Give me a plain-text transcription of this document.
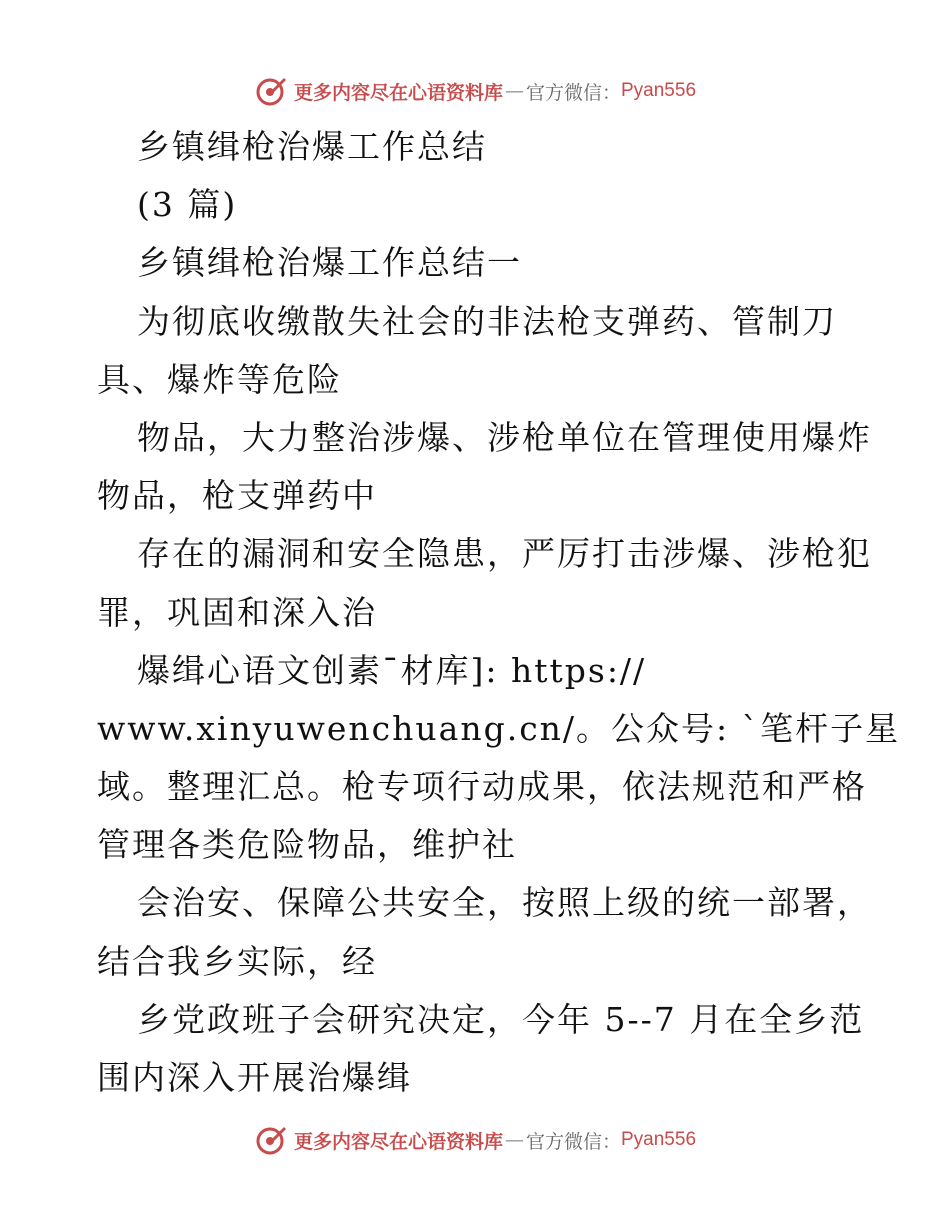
更多内容尽在心语资料库 — 官方微信： Pyan556
乡镇缉枪治爆工作总结
(3 篇)
乡镇缉枪治爆工作总结一
为彻底收缴散失社会的非法枪支弹药、管制刀
具、爆炸等危险
物品，大力整治涉爆、涉枪单位在管理使用爆炸
物品，枪支弹药中
存在的漏洞和安全隐患，严厉打击涉爆、涉枪犯
罪，巩固和深入治
爆缉心语文创素¯材库]: https://
www.xinyuwenchuang.cn/。公众号: `笔杆子星
域。整理汇总。枪专项行动成果，依法规范和严格
管理各类危险物品，维护社
会治安、保障公共安全，按照上级的统一部署，
结合我乡实际，经
乡党政班子会研究决定，今年 5--7 月在全乡范
围内深入开展治爆缉
更多内容尽在心语资料库 — 官方微信： Pyan556
